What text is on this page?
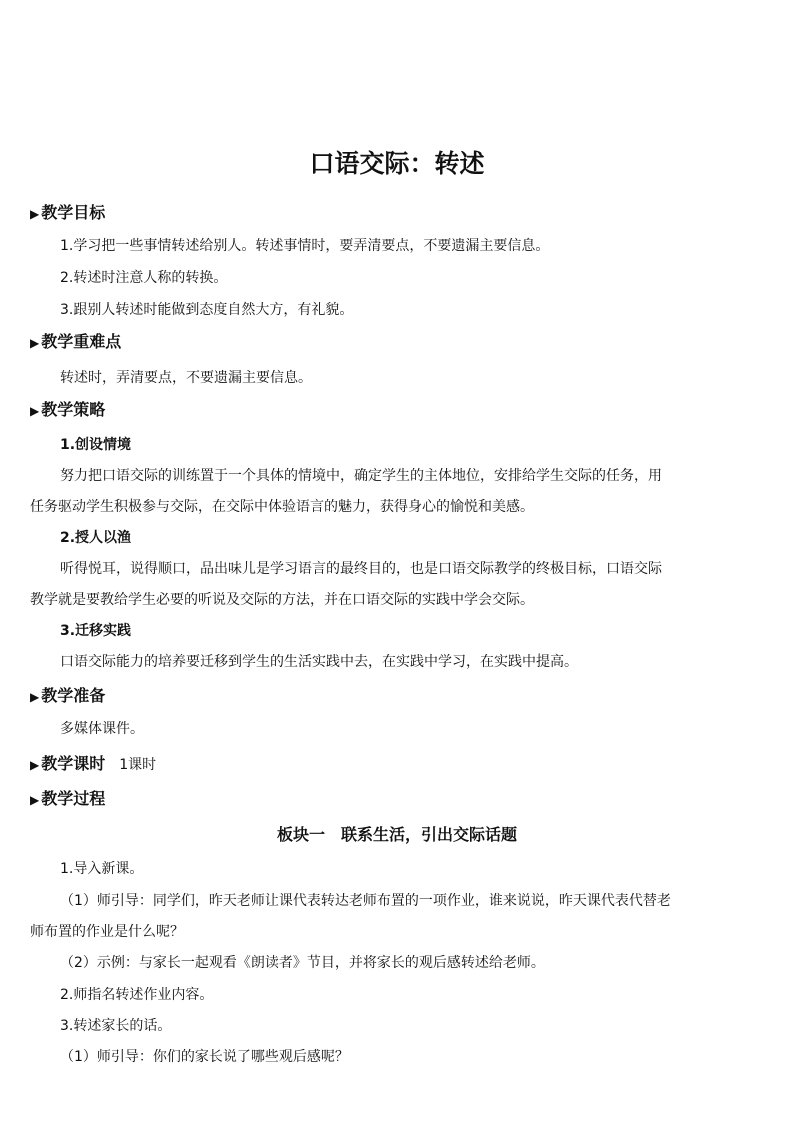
口语交际：转述
▶ 教学目标
1.学习把一些事情转述给别人。转述事情时，要弄清要点，不要遗漏主要信息。
2.转述时注意人称的转换。
3.跟别人转述时能做到态度自然大方，有礼貌。
▶ 教学重难点
转述时，弄清要点，不要遗漏主要信息。
▶ 教学策略
1.创设情境
努力把口语交际的训练置于一个具体的情境中，确定学生的主体地位，安排给学生交际的任务，用
任务驱动学生积极参与交际，在交际中体验语言的魅力，获得身心的愉悦和美感。
2.授人以渔
听得悦耳，说得顺口，品出味儿是学习语言的最终目的，也是口语交际教学的终极目标，口语交际
教学就是要教给学生必要的听说及交际的方法，并在口语交际的实践中学会交际。
3.迁移实践
口语交际能力的培养要迁移到学生的生活实践中去，在实践中学习，在实践中提高。
▶ 教学准备
多媒体课件。
▶ 教学课时 1课时
▶ 教学过程
板块一　联系生活，引出交际话题
1.导入新课。
（1）师引导：同学们，昨天老师让课代表转达老师布置的一项作业，谁来说说，昨天课代表代替老
师布置的作业是什么呢？
（2）示例：与家长一起观看《朗读者》节目，并将家长的观后感转述给老师。
2.师指名转述作业内容。
3.转述家长的话。
（1）师引导：你们的家长说了哪些观后感呢？
